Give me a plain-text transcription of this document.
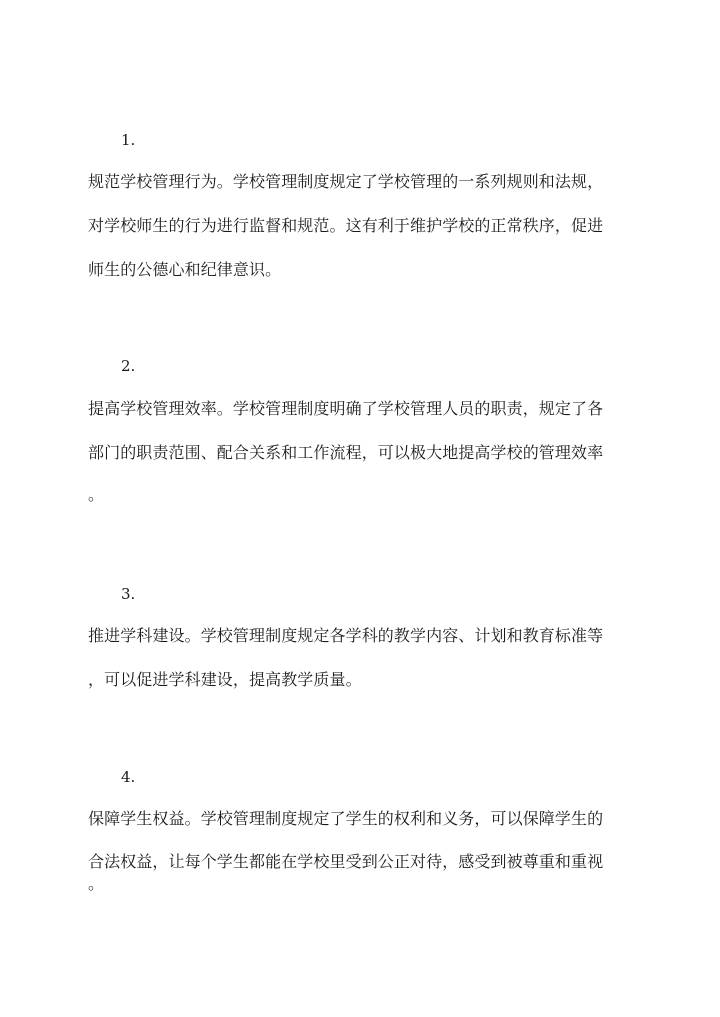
1.
规范学校管理行为。学校管理制度规定了学校管理的一系列规则和法规，
对学校师生的行为进行监督和规范。这有利于维护学校的正常秩序，促进
师生的公德心和纪律意识。
2.
提高学校管理效率。学校管理制度明确了学校管理人员的职责，规定了各
部门的职责范围、配合关系和工作流程，可以极大地提高学校的管理效率
。
3.
推进学科建设。学校管理制度规定各学科的教学内容、计划和教育标准等
，可以促进学科建设，提高教学质量。
4.
保障学生权益。学校管理制度规定了学生的权利和义务，可以保障学生的
合法权益，让每个学生都能在学校里受到公正对待，感受到被尊重和重视
。
